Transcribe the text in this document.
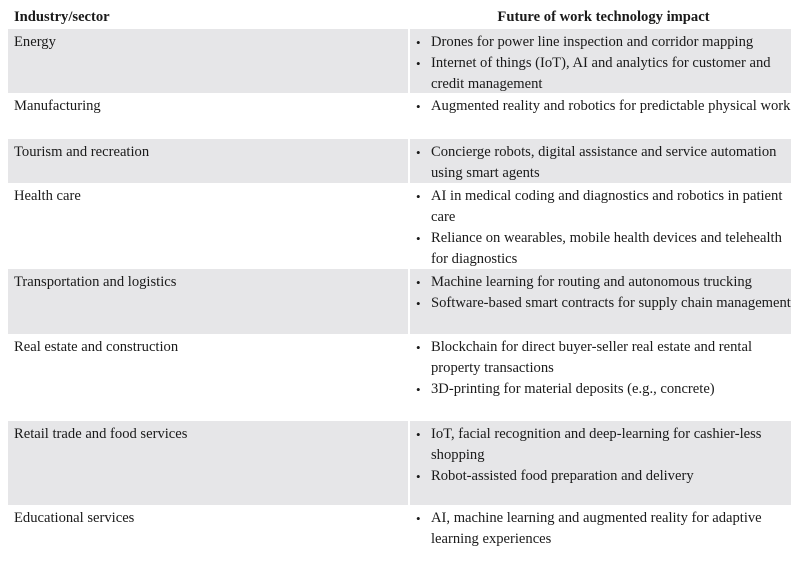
Industry/sector	Future of work technology impact
Energy	• Drones for power line inspection and corridor mapping
• Internet of things (IoT), AI and analytics for customer and credit management
Manufacturing	• Augmented reality and robotics for predictable physical work
Tourism and recreation	• Concierge robots, digital assistance and service automation using smart agents
Health care	• AI in medical coding and diagnostics and robotics in patient care
• Reliance on wearables, mobile health devices and telehealth for diagnostics
Transportation and logistics	• Machine learning for routing and autonomous trucking
• Software-based smart contracts for supply chain management
Real estate and construction	• Blockchain for direct buyer-seller real estate and rental property transactions
• 3D-printing for material deposits (e.g., concrete)
Retail trade and food services	• IoT, facial recognition and deep-learning for cashier-less shopping
• Robot-assisted food preparation and delivery
Educational services	• AI, machine learning and augmented reality for adaptive learning experiences
